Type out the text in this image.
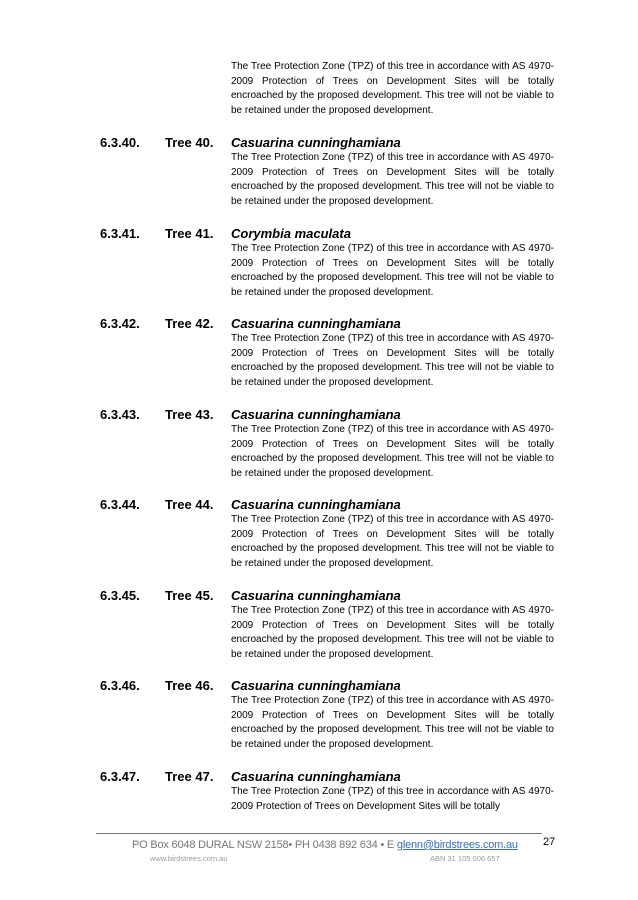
The Tree Protection Zone (TPZ) of this tree in accordance with AS 4970-2009 Protection of Trees on Development Sites will be totally encroached by the proposed development. This tree will not be viable to be retained under the proposed development.

6.3.40. Tree 40. Casuarina cunninghamiana

The Tree Protection Zone (TPZ) of this tree in accordance with AS 4970-2009 Protection of Trees on Development Sites will be totally encroached by the proposed development. This tree will not be viable to be retained under the proposed development.

6.3.41. Tree 41. Corymbia maculata

The Tree Protection Zone (TPZ) of this tree in accordance with AS 4970-2009 Protection of Trees on Development Sites will be totally encroached by the proposed development. This tree will not be viable to be retained under the proposed development.

6.3.42. Tree 42. Casuarina cunninghamiana

The Tree Protection Zone (TPZ) of this tree in accordance with AS 4970-2009 Protection of Trees on Development Sites will be totally encroached by the proposed development. This tree will not be viable to be retained under the proposed development.

6.3.43. Tree 43. Casuarina cunninghamiana

The Tree Protection Zone (TPZ) of this tree in accordance with AS 4970-2009 Protection of Trees on Development Sites will be totally encroached by the proposed development. This tree will not be viable to be retained under the proposed development.

6.3.44. Tree 44. Casuarina cunninghamiana

The Tree Protection Zone (TPZ) of this tree in accordance with AS 4970-2009 Protection of Trees on Development Sites will be totally encroached by the proposed development. This tree will not be viable to be retained under the proposed development.

6.3.45. Tree 45. Casuarina cunninghamiana

The Tree Protection Zone (TPZ) of this tree in accordance with AS 4970-2009 Protection of Trees on Development Sites will be totally encroached by the proposed development. This tree will not be viable to be retained under the proposed development.

6.3.46. Tree 46. Casuarina cunninghamiana

The Tree Protection Zone (TPZ) of this tree in accordance with AS 4970-2009 Protection of Trees on Development Sites will be totally encroached by the proposed development. This tree will not be viable to be retained under the proposed development.

6.3.47. Tree 47. Casuarina cunninghamiana

The Tree Protection Zone (TPZ) of this tree in accordance with AS 4970-2009 Protection of Trees on Development Sites will be totally

PO Box 6048 DURAL NSW 2158• PH 0438 892 634 • E glenn@birdstrees.com.au
www.birdstrees.com.au	ABN 31 105 006 657
27
